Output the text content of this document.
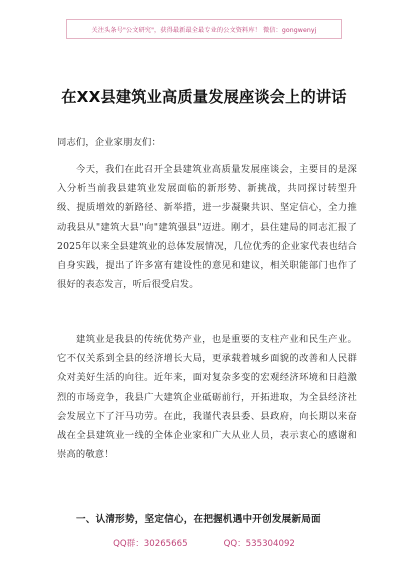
关注头条号"公文研究"，获得最新最全最专业的公文资料库！ 微信：gongwenyj
在XX县建筑业高质量发展座谈会上的讲话
同志们，企业家朋友们：
今天，我们在此召开全县建筑业高质量发展座谈会，主要目的是深入分析当前我县建筑业发展面临的新形势、新挑战，共同探讨转型升级、提质增效的新路径、新举措，进一步凝聚共识、坚定信心，全力推动我县从"建筑大县"向"建筑强县"迈进。刚才，县住建局的同志汇报了2025年以来全县建筑业的总体发展情况，几位优秀的企业家代表也结合自身实践，提出了许多富有建设性的意见和建议，相关职能部门也作了很好的表态发言，听后很受启发。
建筑业是我县的传统优势产业，也是重要的支柱产业和民生产业。它不仅关系到全县的经济增长大局，更承载着城乡面貌的改善和人民群众对美好生活的向往。近年来，面对复杂多变的宏观经济环境和日趋激烈的市场竞争，我县广大建筑企业砥砺前行，开拓进取，为全县经济社会发展立下了汗马功劳。在此，我谨代表县委、县政府，向长期以来奋战在全县建筑业一线的全体企业家和广大从业人员，表示衷心的感谢和崇高的敬意！
一、认清形势，坚定信心，在把握机遇中开创发展新局面
QQ群：30265665	QQ：535304092
